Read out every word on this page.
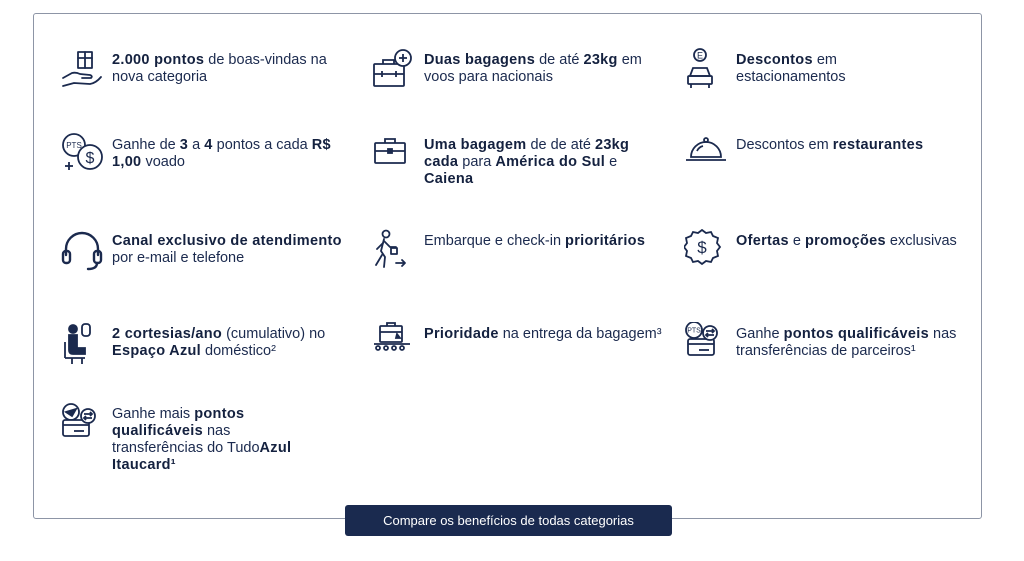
2.000 pontos de boas-vindas na nova categoria
PTS
$
Ganhe de 3 a 4 pontos a cada R$ 1,00 voado
Canal exclusivo de atendimento por e-mail e telefone
2 cortesias/ano (cumulativo) no Espaço Azul doméstico²
Ganhe mais pontos qualificáveis nas transferências do TudoAzul Itaucard¹
Duas bagagens de até 23kg em voos para nacionais
Uma bagagem de de até 23kg cada para América do Sul e Caiena
Embarque e check-in prioritários
Prioridade na entrega da bagagem³
E Descontos em estacionamentos
Descontos em restaurantes
$ Ofertas e promoções exclusivas
PTS Ganhe pontos qualificáveis nas transferências de parceiros¹
Compare os benefícios de todas categorias
